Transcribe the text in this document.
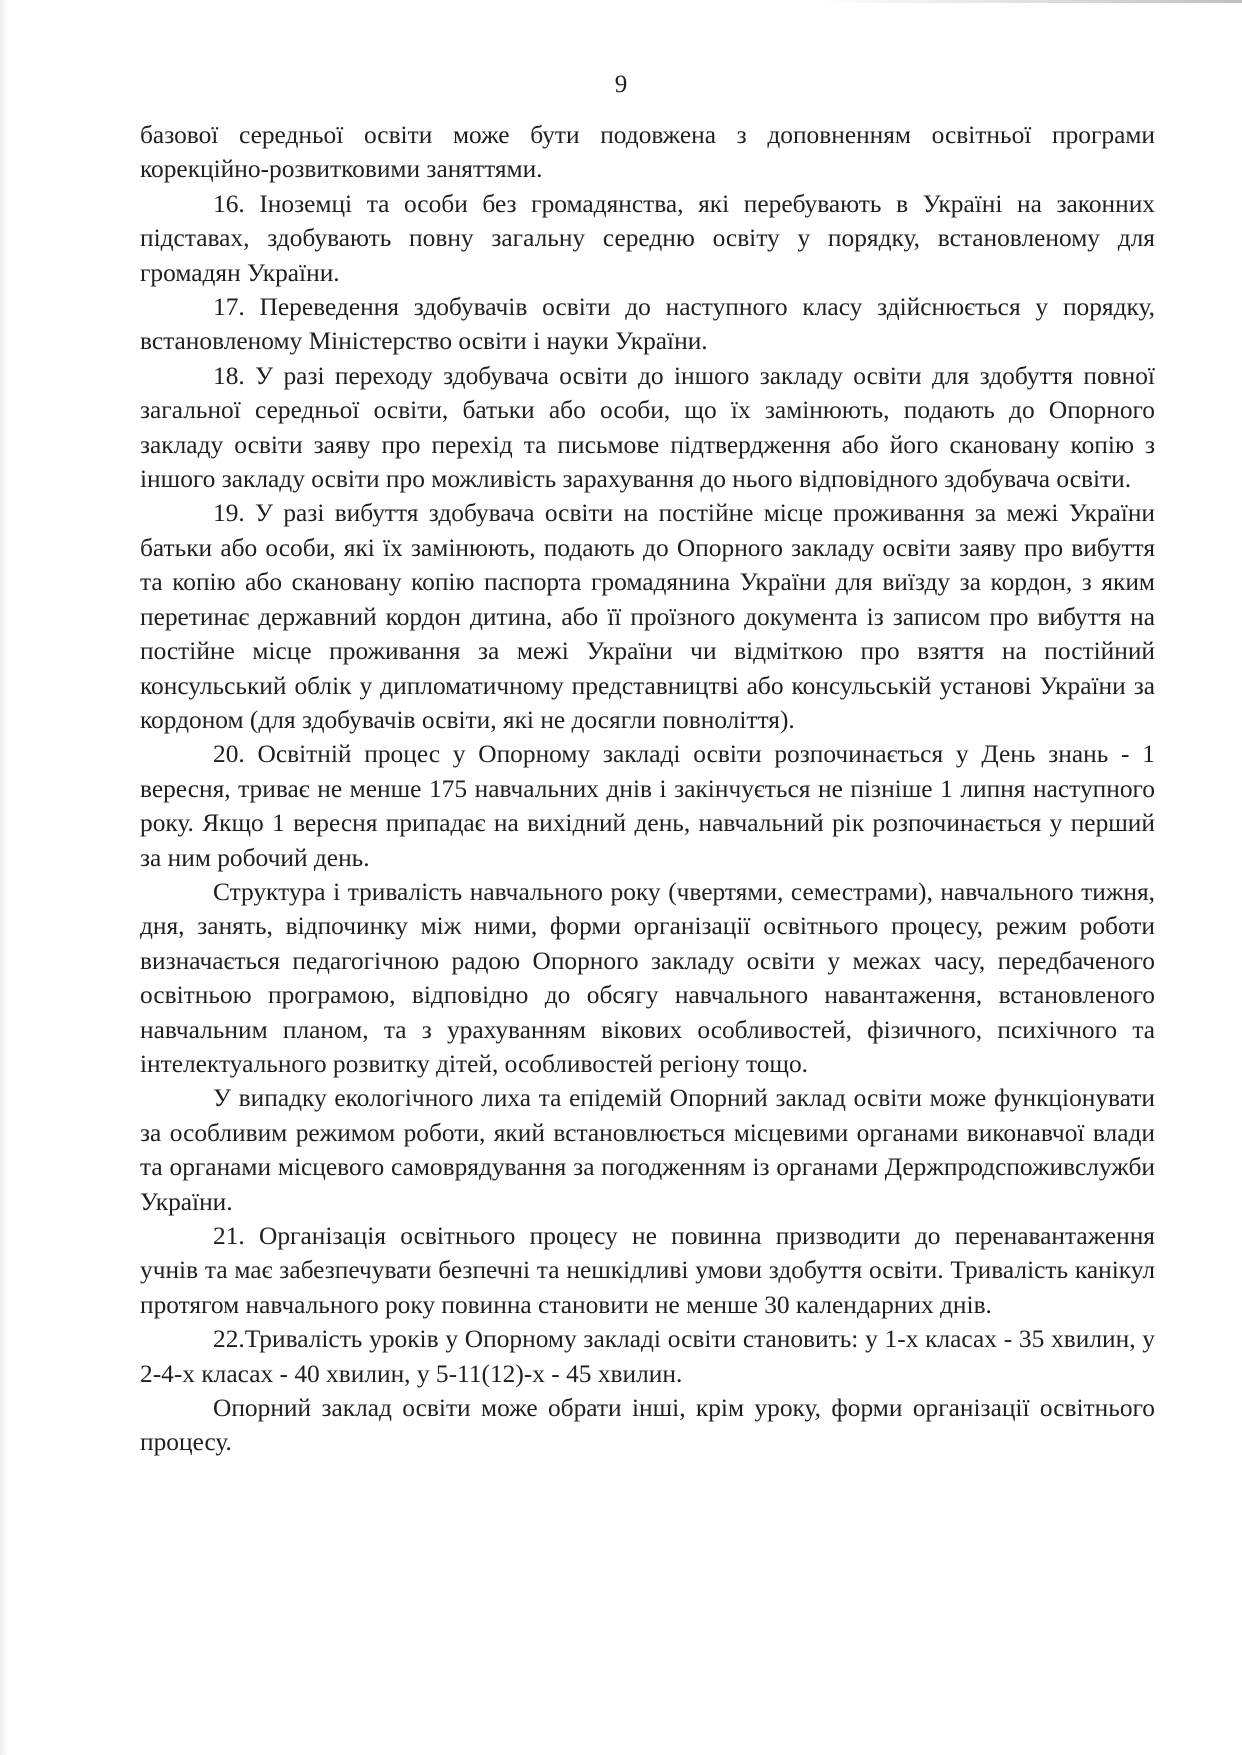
9

базової середньої освіти може бути подовжена з доповненням освітньої програми корекційно-розвитковими заняттями.

16. Іноземці та особи без громадянства, які перебувають в Україні на законних підставах, здобувають повну загальну середню освіту у порядку, встановленому для громадян України.

17. Переведення здобувачів освіти до наступного класу здійснюється у порядку, встановленому Міністерство освіти і науки України.

18. У разі переходу здобувача освіти до іншого закладу освіти для здобуття повної загальної середньої освіти, батьки або особи, що їх замінюють, подають до Опорного закладу освіти заяву про перехід та письмове підтвердження або його скановану копію з іншого закладу освіти про можливість зарахування до нього відповідного здобувача освіти.

19. У разі вибуття здобувача освіти на постійне місце проживання за межі України батьки або особи, які їх замінюють, подають до Опорного закладу освіти заяву про вибуття та копію або скановану копію паспорта громадянина України для виїзду за кордон, з яким перетинає державний кордон дитина, або її проїзного документа із записом про вибуття на постійне місце проживання за межі України чи відміткою про взяття на постійний консульський облік у дипломатичному представництві або консульській установі України за кордоном (для здобувачів освіти, які не досягли повноліття).

20. Освітній процес у Опорному закладі освіти розпочинається у День знань - 1 вересня, триває не менше 175 навчальних днів і закінчується не пізніше 1 липня наступного року. Якщо 1 вересня припадає на вихідний день, навчальний рік розпочинається у перший за ним робочий день.

Структура і тривалість навчального року (чвертями, семестрами), навчального тижня, дня, занять, відпочинку між ними, форми організації освітнього процесу, режим роботи визначається педагогічною радою Опорного закладу освіти у межах часу, передбаченого освітньою програмою, відповідно до обсягу навчального навантаження, встановленого навчальним планом, та з урахуванням вікових особливостей, фізичного, психічного та інтелектуального розвитку дітей, особливостей регіону тощо.

У випадку екологічного лиха та епідемій Опорний заклад освіти може функціонувати за особливим режимом роботи, який встановлюється місцевими органами виконавчої влади та органами місцевого самоврядування за погодженням із органами Держпродспоживслужби України.

21. Організація освітнього процесу не повинна призводити до перенавантаження учнів та має забезпечувати безпечні та нешкідливі умови здобуття освіти. Тривалість канікул протягом навчального року повинна становити не менше 30 календарних днів.

22.Тривалість уроків у Опорному закладі освіти становить: у 1-х класах - 35 хвилин, у 2-4-х класах - 40 хвилин, у 5-11(12)-х - 45 хвилин.

Опорний заклад освіти може обрати інші, крім уроку, форми організації освітнього процесу.
